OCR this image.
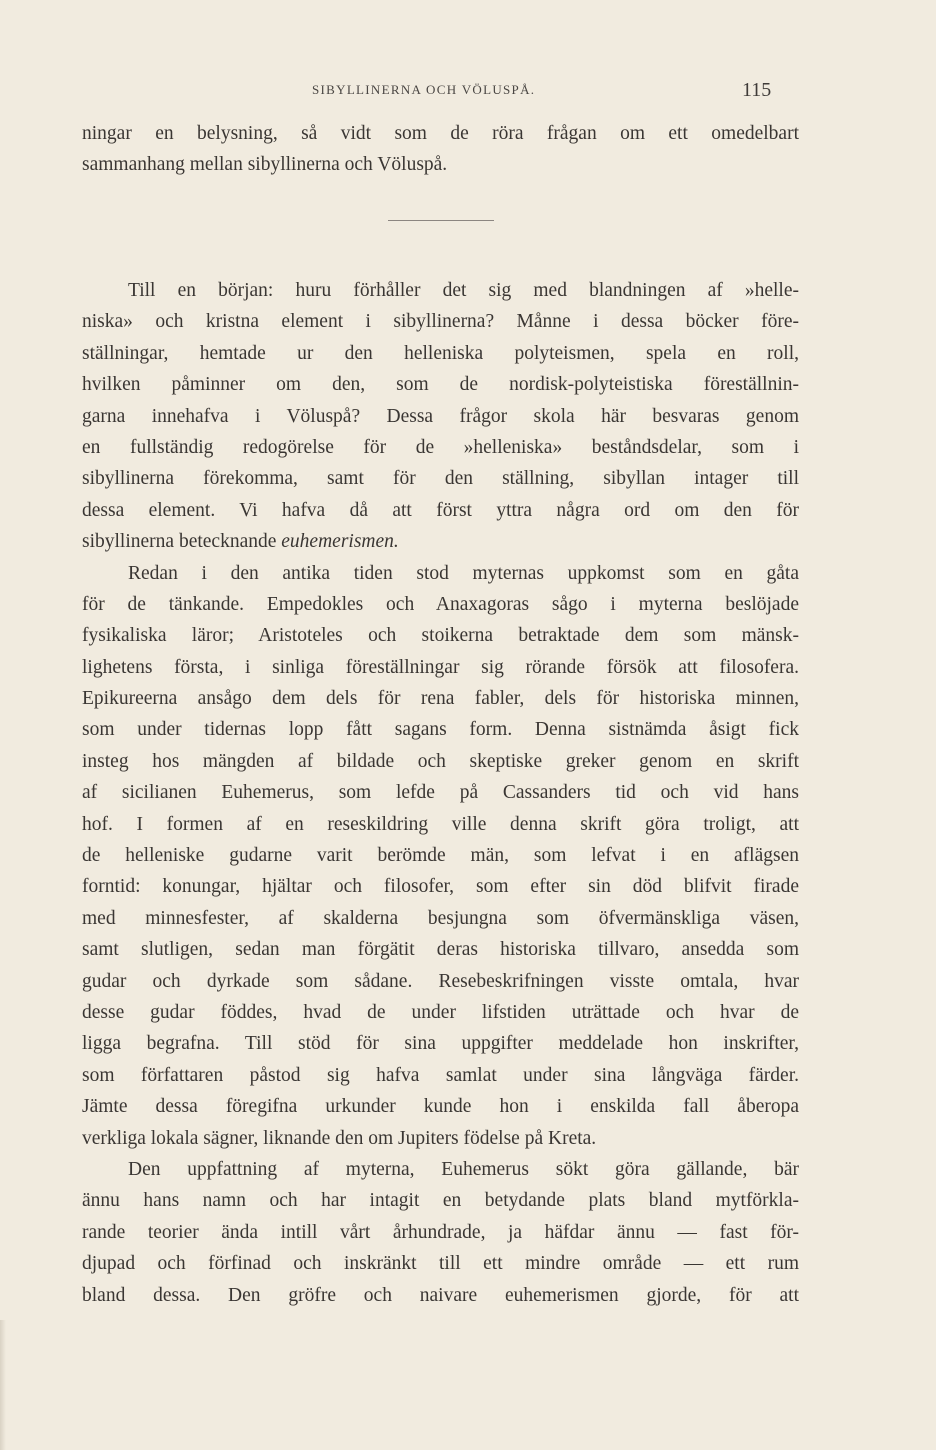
SIBYLLINERNA OCH VÖLUSPÅ.	115
ningar en belysning, så vidt som de röra frågan om ett omedelbart
sammanhang mellan sibyllinerna och Völuspå.
Till en början: huru förhåller det sig med blandningen af »helle-
niska» och kristna element i sibyllinerna? Månne i dessa böcker före-
ställningar, hemtade ur den helleniska polyteismen, spela en roll,
hvilken påminner om den, som de nordisk-polyteistiska föreställnin-
garna innehafva i Völuspå? Dessa frågor skola här besvaras genom
en fullständig redogörelse för de »helleniska» beståndsdelar, som i
sibyllinerna förekomma, samt för den ställning, sibyllan intager till
dessa element. Vi hafva då att först yttra några ord om den för
sibyllinerna betecknande euhemerismen.
Redan i den antika tiden stod myternas uppkomst som en gåta
för de tänkande. Empedokles och Anaxagoras sågo i myterna beslöjade
fysikaliska läror; Aristoteles och stoikerna betraktade dem som mänsk-
lighetens första, i sinliga föreställningar sig rörande försök att filosofera.
Epikureerna ansågo dem dels för rena fabler, dels för historiska minnen,
som under tidernas lopp fått sagans form. Denna sistnämda åsigt fick
insteg hos mängden af bildade och skeptiske greker genom en skrift
af sicilianen Euhemerus, som lefde på Cassanders tid och vid hans
hof. I formen af en reseskildring ville denna skrift göra troligt, att
de helleniske gudarne varit berömde män, som lefvat i en aflägsen
forntid: konungar, hjältar och filosofer, som efter sin död blifvit firade
med minnesfester, af skalderna besjungna som öfvermänskliga väsen,
samt slutligen, sedan man förgätit deras historiska tillvaro, ansedda som
gudar och dyrkade som sådane. Resebeskrifningen visste omtala, hvar
desse gudar föddes, hvad de under lifstiden uträttade och hvar de
ligga begrafna. Till stöd för sina uppgifter meddelade hon inskrifter,
som författaren påstod sig hafva samlat under sina långväga färder.
Jämte dessa föregifna urkunder kunde hon i enskilda fall åberopa
verkliga lokala sägner, liknande den om Jupiters födelse på Kreta.
Den uppfattning af myterna, Euhemerus sökt göra gällande, bär
ännu hans namn och har intagit en betydande plats bland mytförkla-
rande teorier ända intill vårt århundrade, ja häfdar ännu — fast för-
djupad och förfinad och inskränkt till ett mindre område — ett rum
bland dessa. Den gröfre och naivare euhemerismen gjorde, för att
